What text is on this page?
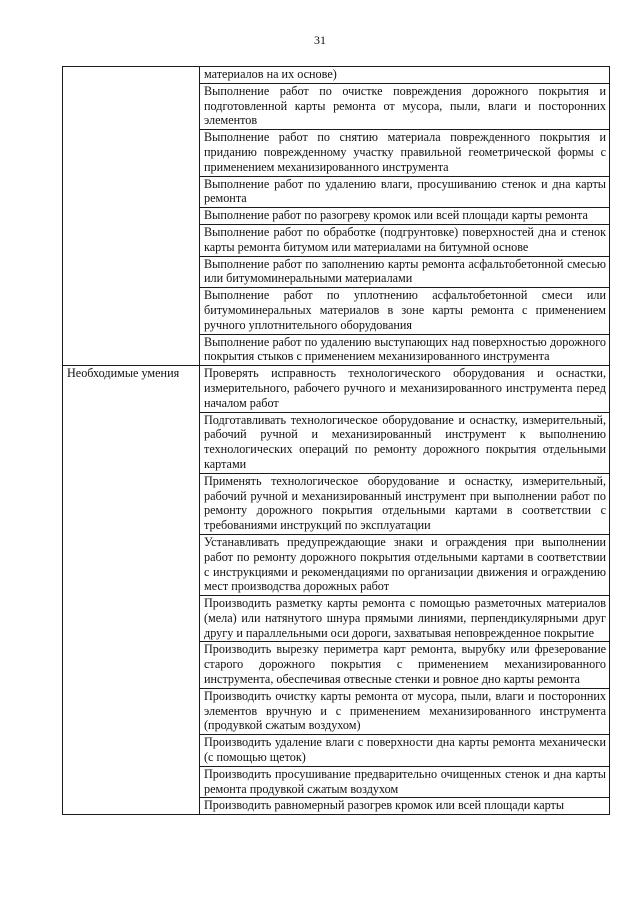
31
	материалов на их основе)
	Выполнение работ по очистке повреждения дорожного покрытия и подготовленной карты ремонта от мусора, пыли, влаги и посторонних элементов
	Выполнение работ по снятию материала поврежденного покрытия и приданию поврежденному участку правильной геометрической формы с применением механизированного инструмента
	Выполнение работ по удалению влаги, просушиванию стенок и дна карты ремонта
	Выполнение работ по разогреву кромок или всей площади карты ремонта
	Выполнение работ по обработке (подгрунтовке) поверхностей дна и стенок карты ремонта битумом или материалами на битумной основе
	Выполнение работ по заполнению карты ремонта асфальтобетонной смесью или битумоминеральными материалами
	Выполнение работ по уплотнению асфальтобетонной смеси или битумоминеральных материалов в зоне карты ремонта с применением ручного уплотнительного оборудования
	Выполнение работ по удалению выступающих над поверхностью дорожного покрытия стыков с применением механизированного инструмента
Необходимые умения	Проверять исправность технологического оборудования и оснастки, измерительного, рабочего ручного и механизированного инструмента перед началом работ
	Подготавливать технологическое оборудование и оснастку, измерительный, рабочий ручной и механизированный инструмент к выполнению технологических операций по ремонту дорожного покрытия отдельными картами
	Применять технологическое оборудование и оснастку, измерительный, рабочий ручной и механизированный инструмент при выполнении работ по ремонту дорожного покрытия отдельными картами в соответствии с требованиями инструкций по эксплуатации
	Устанавливать предупреждающие знаки и ограждения при выполнении работ по ремонту дорожного покрытия отдельными картами в соответствии с инструкциями и рекомендациями по организации движения и ограждению мест производства дорожных работ
	Производить разметку карты ремонта с помощью разметочных материалов (мела) или натянутого шнура прямыми линиями, перпендикулярными друг другу и параллельными оси дороги, захватывая неповрежденное покрытие
	Производить вырезку периметра карт ремонта, вырубку или фрезерование старого дорожного покрытия с применением механизированного инструмента, обеспечивая отвесные стенки и ровное дно карты ремонта
	Производить очистку карты ремонта от мусора, пыли, влаги и посторонних элементов вручную и с применением механизированного инструмента (продувкой сжатым воздухом)
	Производить удаление влаги с поверхности дна карты ремонта механически (с помощью щеток)
	Производить просушивание предварительно очищенных стенок и дна карты ремонта продувкой сжатым воздухом
	Производить равномерный разогрев кромок или всей площади карты
